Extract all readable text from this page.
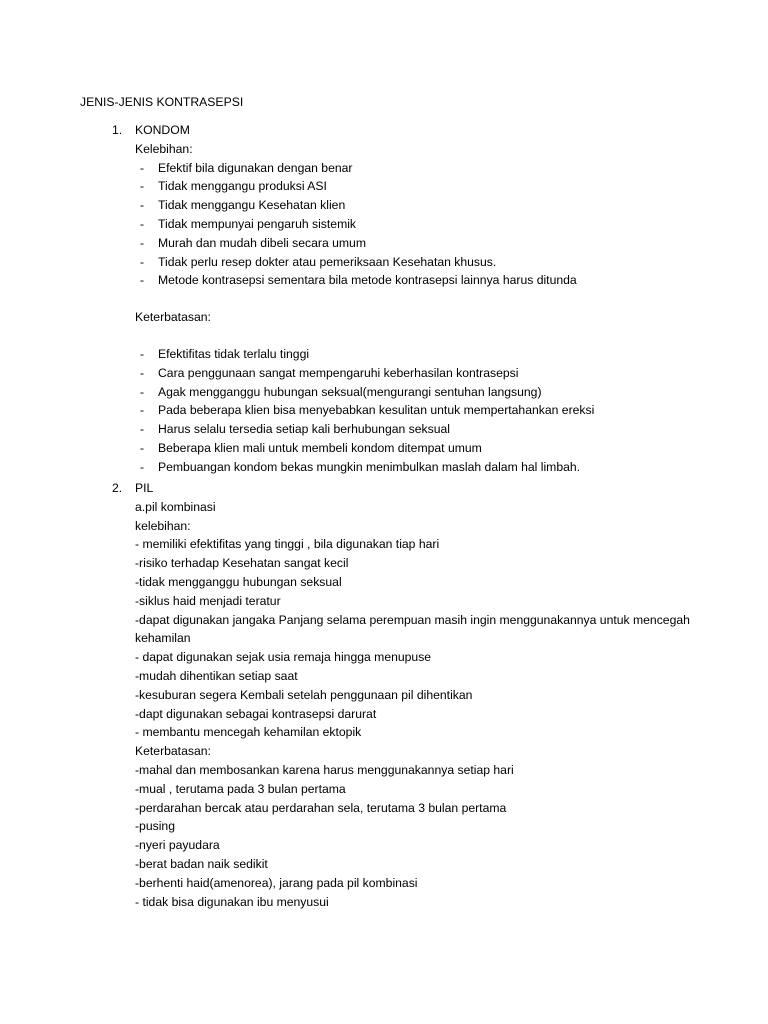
JENIS-JENIS KONTRASEPSI
1. KONDOM
Kelebihan:
- Efektif bila digunakan dengan benar
- Tidak menggangu produksi ASI
- Tidak menggangu Kesehatan klien
- Tidak mempunyai pengaruh sistemik
- Murah dan mudah dibeli secara umum
- Tidak perlu resep dokter atau pemeriksaan Kesehatan khusus.
- Metode kontrasepsi sementara bila metode kontrasepsi lainnya harus ditunda
Keterbatasan:
- Efektifitas tidak terlalu tinggi
- Cara penggunaan sangat mempengaruhi keberhasilan kontrasepsi
- Agak mengganggu hubungan seksual(mengurangi sentuhan langsung)
- Pada beberapa klien bisa menyebabkan kesulitan untuk mempertahankan ereksi
- Harus selalu tersedia setiap kali berhubungan seksual
- Beberapa klien mali untuk membeli kondom ditempat umum
- Pembuangan kondom bekas mungkin menimbulkan maslah dalam hal limbah.
2. PIL
a.pil kombinasi
kelebihan:
- memiliki efektifitas yang tinggi , bila digunakan tiap hari
-risiko terhadap Kesehatan sangat kecil
-tidak mengganggu hubungan seksual
-siklus haid menjadi teratur
-dapat digunakan jangaka Panjang selama perempuan masih ingin menggunakannya untuk mencegah kehamilan
- dapat digunakan sejak usia remaja hingga menupuse
-mudah dihentikan setiap saat
-kesuburan segera Kembali setelah penggunaan pil dihentikan
-dapt digunakan sebagai kontrasepsi darurat
- membantu mencegah kehamilan ektopik
Keterbatasan:
-mahal dan membosankan karena harus menggunakannya setiap hari
-mual , terutama pada 3 bulan pertama
-perdarahan bercak atau perdarahan sela, terutama 3 bulan pertama
-pusing
-nyeri payudara
-berat badan naik sedikit
-berhenti haid(amenorea), jarang pada pil kombinasi
- tidak bisa digunakan ibu menyusui
